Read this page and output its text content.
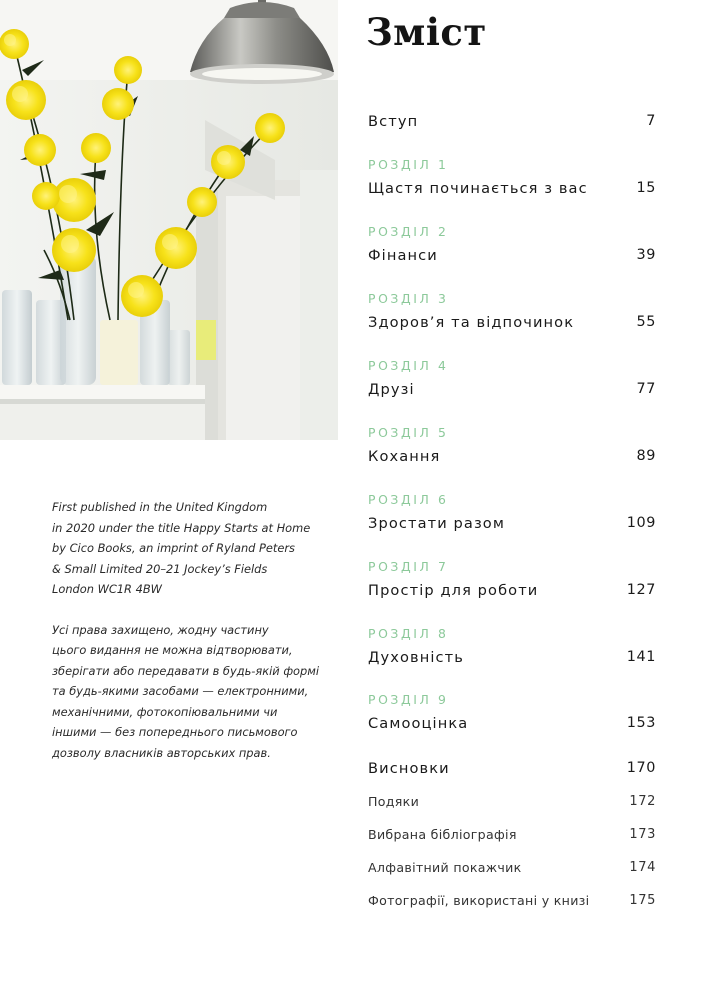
First published in the United Kingdom
in 2020 under the title Happy Starts at Home
by Cico Books, an imprint of Ryland Peters
& Small Limited 20–21 Jockey’s Fields
London WC1R 4BW

Усі права захищено, жодну частину
цього видання не можна відтворювати,
зберігати або передавати в будь-якій формі
та будь-якими засобами — електронними,
механічними, фотокопіювальними чи
іншими — без попереднього письмового
дозволу власників авторських прав.

Зміст
Вступ	7
РОЗДІЛ 1
Щастя починається з вас	15
РОЗДІЛ 2
Фінанси	39
РОЗДІЛ 3
Здоров’я та відпочинок	55
РОЗДІЛ 4
Друзі	77
РОЗДІЛ 5
Кохання	89
РОЗДІЛ 6
Зростати разом	109
РОЗДІЛ 7
Простір для роботи	127
РОЗДІЛ 8
Духовність	141
РОЗДІЛ 9
Самооцінка	153
Висновки	170
Подяки	172
Вибрана бібліографія	173
Алфавітний покажчик	174
Фотографії, використані у книзі	175
